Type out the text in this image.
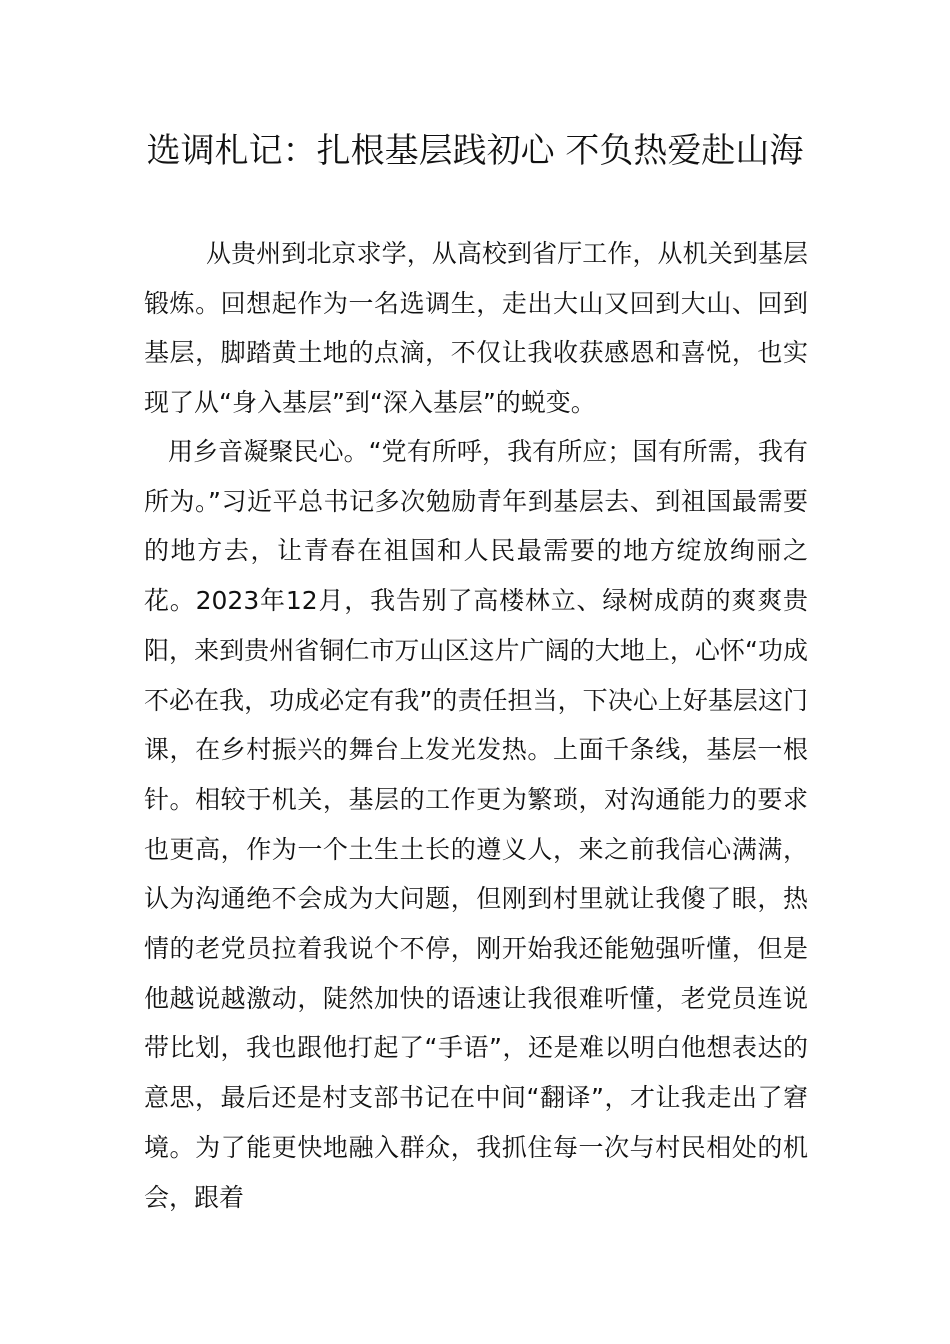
选调札记：扎根基层践初心 不负热爱赴山海

从贵州到北京求学，从高校到省厅工作，从机关到基层锻炼。回想起作为一名选调生，走出大山又回到大山、回到基层，脚踏黄土地的点滴，不仅让我收获感恩和喜悦，也实现了从“身入基层”到“深入基层”的蜕变。

用乡音凝聚民心。“党有所呼，我有所应；国有所需，我有所为。”习近平总书记多次勉励青年到基层去、到祖国最需要的地方去，让青春在祖国和人民最需要的地方绽放绚丽之花。2023年12月，我告别了高楼林立、绿树成荫的爽爽贵阳，来到贵州省铜仁市万山区这片广阔的大地上，心怀“功成不必在我，功成必定有我”的责任担当，下决心上好基层这门课，在乡村振兴的舞台上发光发热。上面千条线，基层一根针。相较于机关，基层的工作更为繁琐，对沟通能力的要求也更高，作为一个土生土长的遵义人，来之前我信心满满，认为沟通绝不会成为大问题，但刚到村里就让我傻了眼，热情的老党员拉着我说个不停，刚开始我还能勉强听懂，但是他越说越激动，陡然加快的语速让我很难听懂，老党员连说带比划，我也跟他打起了“手语”，还是难以明白他想表达的意思，最后还是村支部书记在中间“翻译”，才让我走出了窘境。为了能更快地融入群众，我抓住每一次与村民相处的机会，跟着
